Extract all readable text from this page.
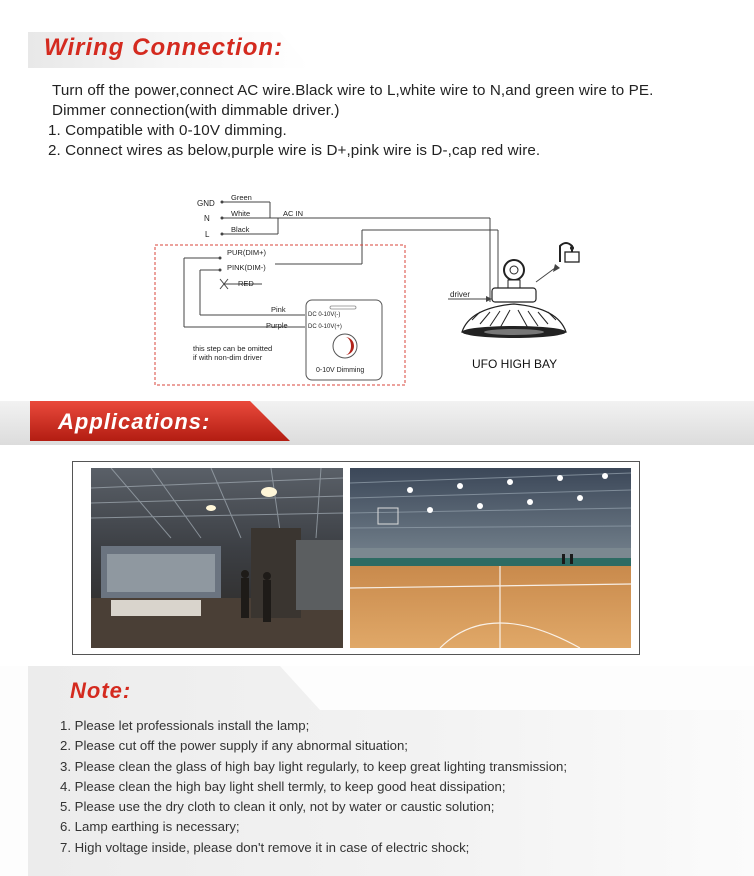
Wiring Connection:

Turn off the power,connect AC wire.Black wire to L,white wire to N,and green wire to PE.

Dimmer connection(with dimmable driver.)

1. Compatible with 0-10V dimming.

2. Connect wires as below,purple wire is D+,pink wire is D-,cap red wire.

GND
N
L
Green
White
Black
AC IN
PUR(DIM+)
PINK(DIM-)
RED
Pink
Purple
this step can be omitted
if with non-dim driver
DC 0-10V(-)
DC 0-10V(+)
0-10V Dimming
driver
UFO HIGH BAY
Applications:
Note:
1. Please let professionals install the lamp;
2. Please cut off the power supply if any abnormal situation;
3. Please clean the glass of high bay light regularly, to keep great lighting transmission;
4. Please clean the high bay light shell termly, to keep good heat dissipation;
5. Please use the dry cloth to clean it only, not by water or caustic solution;
6. Lamp earthing is necessary;
7. High voltage inside, please don't remove it in case of electric shock;
